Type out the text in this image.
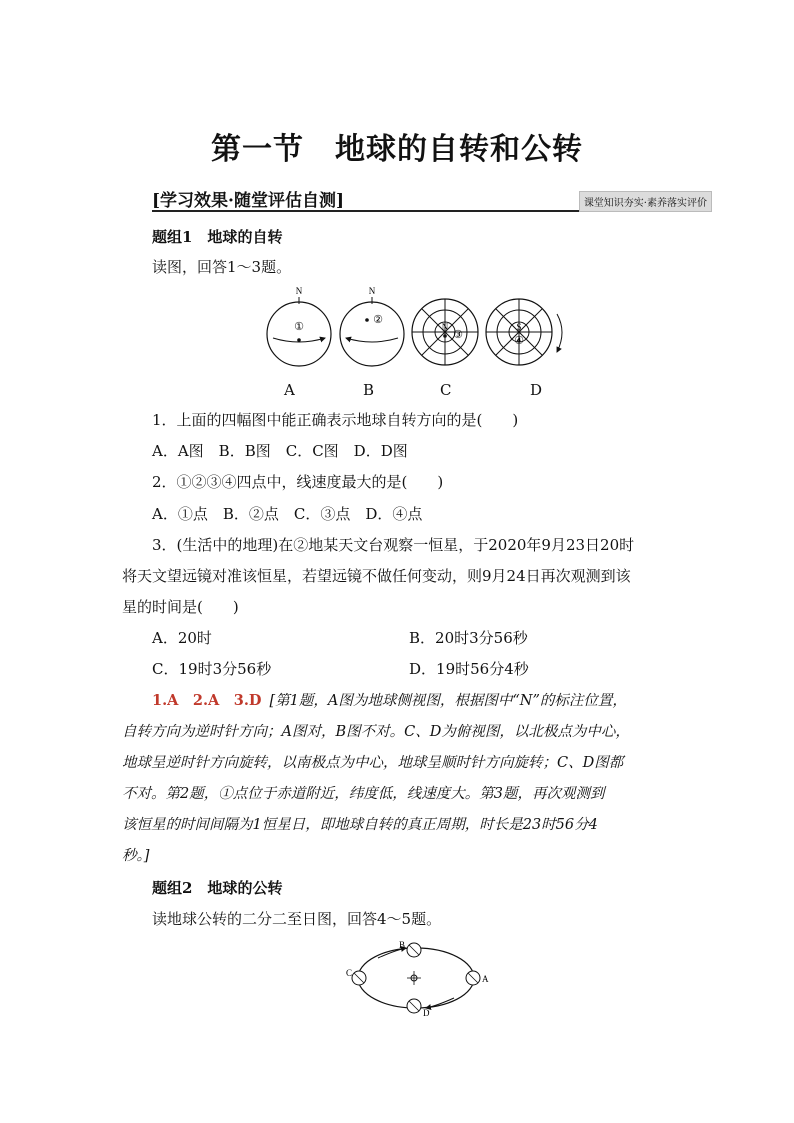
第一节　地球的自转和公转
[学习效果·随堂评估自测]	课堂知识夯实·素养落实评价
题组1　地球的自转
读图，回答1～3题。
N
①
N
②
N
③
S
④
A	B	C	D
1．上面的四幅图中能正确表示地球自转方向的是(　　)
A．A图　B．B图　C．C图　D．D图
2．①②③④四点中，线速度最大的是(　　)
A．①点　B．②点　C．③点　D．④点
3．(生活中的地理)在②地某天文台观察一恒星，于2020年9月23日20时
将天文望远镜对准该恒星，若望远镜不做任何变动，则9月24日再次观测到该
星的时间是(　　)
A．20时	B．20时3分56秒
C．19时3分56秒	D．19时56分4秒
1.A　2.A　3.D [第1题，A图为地球侧视图，根据图中“N”的标注位置，
自转方向为逆时针方向；A图对，B图不对。C、D为俯视图，以北极点为中心，
地球呈逆时针方向旋转，以南极点为中心，地球呈顺时针方向旋转；C、D图都
不对。第2题，①点位于赤道附近，纬度低，线速度大。第3题，再次观测到
该恒星的时间间隔为1恒星日，即地球自转的真正周期，时长是23时56分4
秒。]
题组2　地球的公转
读地球公转的二分二至日图，回答4～5题。
A
B
C
D
